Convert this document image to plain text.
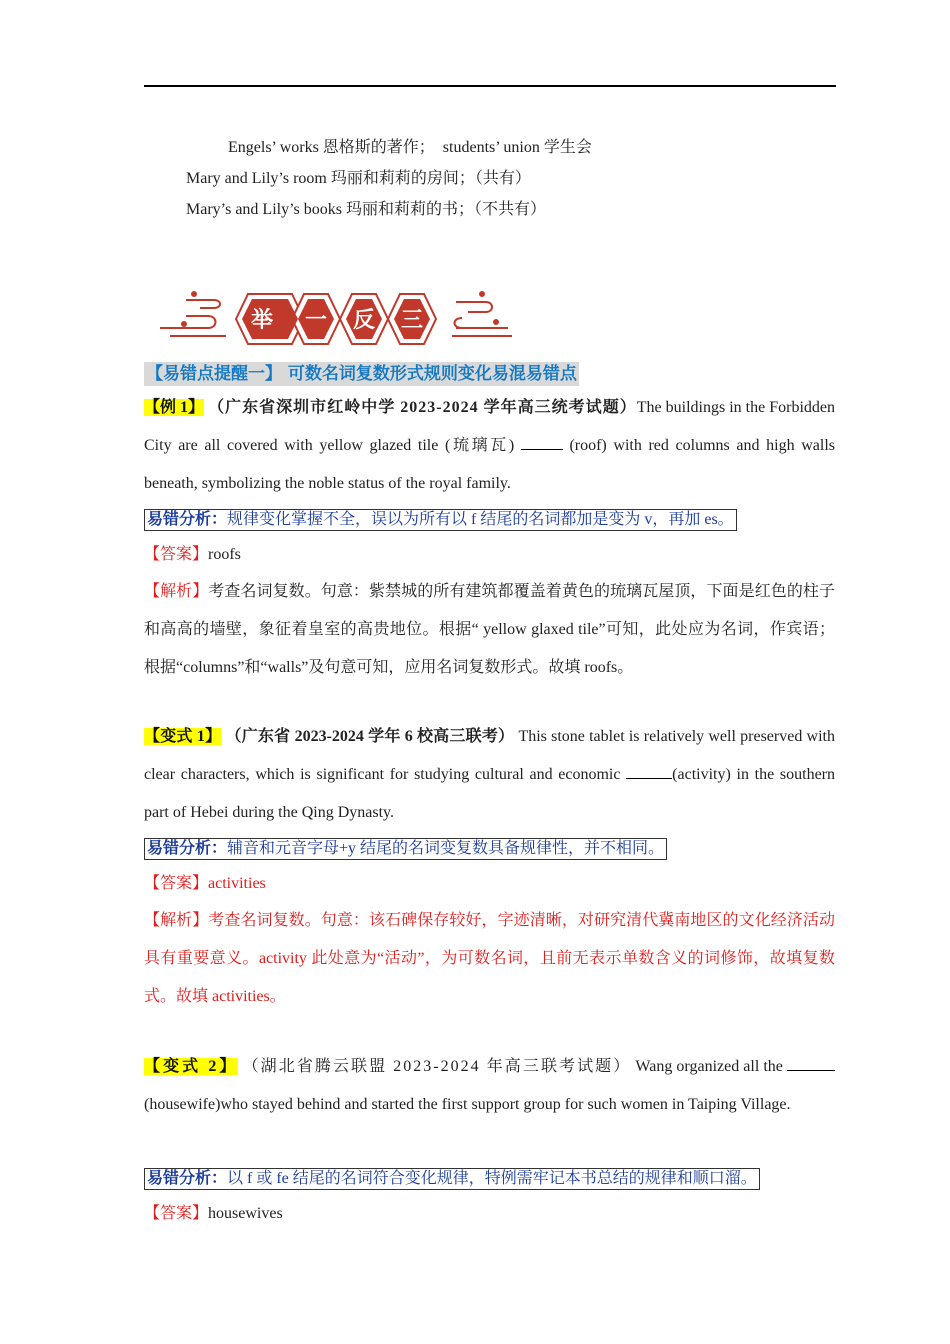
Engels’ works 恩格斯的著作；　students’ union 学生会
Mary and Lily’s room 玛丽和莉莉的房间；（共有）
Mary’s and Lily’s books 玛丽和莉莉的书；（不共有）
举 一 反 三
【易错点提醒一】 可数名词复数形式规则变化易混易错点
【例 1】 （广东省深圳市红岭中学 2023-2024 学年高三统考试题）The buildings in the Forbidden City are all covered with yellow glazed tile (琉璃瓦)	(roof) with red columns and high walls beneath, symbolizing the noble status of the royal family.
易错分析：规律变化掌握不全，误以为所有以 f 结尾的名词都加是变为 v，再加 es。
【答案】roofs
【解析】考查名词复数。句意：紫禁城的所有建筑都覆盖着黄色的琉璃瓦屋顶，下面是红色的柱子和高高的墙壁，象征着皇室的高贵地位。根据“ yellow glaxed tile”可知，此处应为名词，作宾语；根据“columns”和“walls”及句意可知，应用名词复数形式。故填 roofs。
【变式 1】 （广东省 2023-2024 学年 6 校高三联考） This stone tablet is relatively well preserved with clear characters, which is significant for studying cultural and economic	(activity) in the southern part of Hebei during the Qing Dynasty.
易错分析：辅音和元音字母+y 结尾的名词变复数具备规律性，并不相同。
【答案】activities
【解析】考查名词复数。句意：该石碑保存较好，字迹清晰，对研究清代冀南地区的文化经济活动具有重要意义。activity 此处意为“活动”，为可数名词，且前无表示单数含义的词修饰，故填复数式。故填 activities。
【变式 2】 （湖北省腾云联盟 2023-2024 年高三联考试题） Wang organized all the (housewife)who stayed behind and started the first support group for such women in Taiping Village.
易错分析：以 f 或 fe 结尾的名词符合变化规律，特例需牢记本书总结的规律和顺口溜。
【答案】housewives
